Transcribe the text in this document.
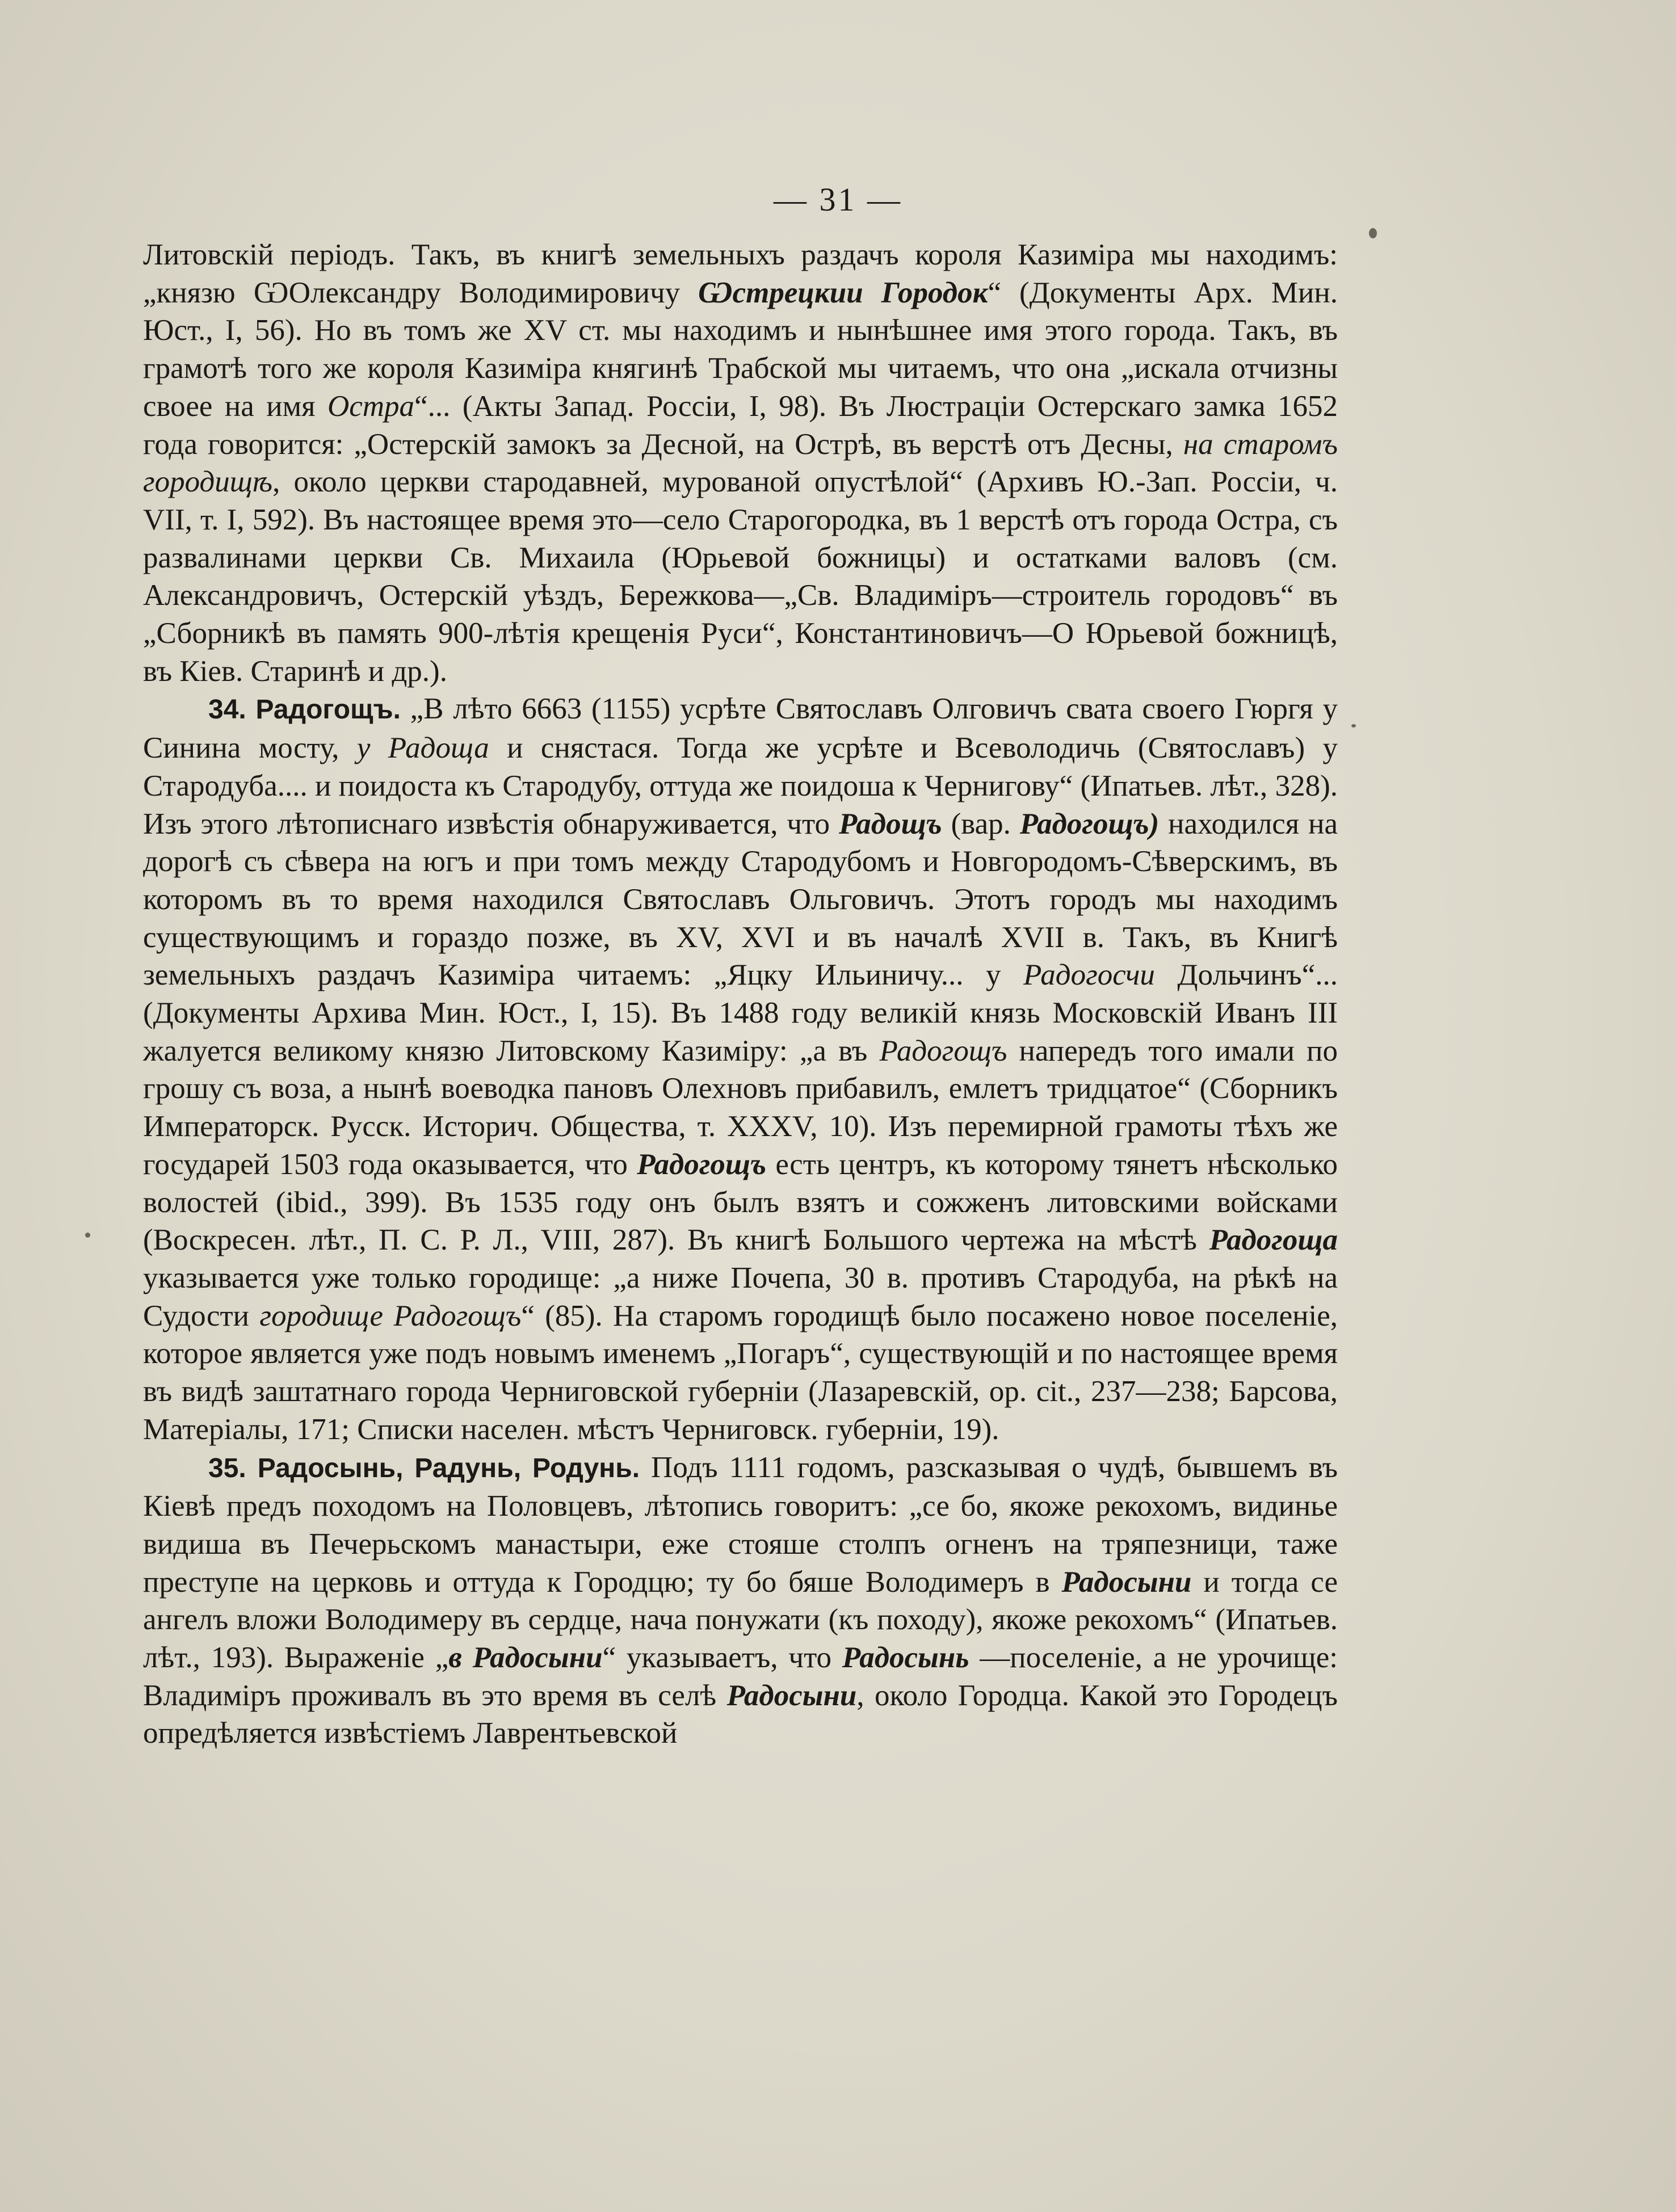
— 31 —

Литовскій періодъ. Такъ, въ книгѣ земельныхъ раздачъ короля Казиміра мы находимъ: „князю ѠОлександру Володимировичу Ѡстрецкии Городок“ (Документы Арх. Мин. Юст., I, 56). Но въ томъ же XV ст. мы находимъ и нынѣшнее имя этого города. Такъ, въ грамотѣ того же короля Казиміра княгинѣ Трабской мы читаемъ, что она „искала отчизны своее на имя Остра“... (Акты Запад. Россіи, I, 98). Въ Люстраціи Остерскаго замка 1652 года говорится: „Остерскій замокъ за Десной, на Острѣ, въ верстѣ отъ Десны, на старомъ городищѣ, около церкви стародавней, мурованой опустѣлой“ (Архивъ Ю.-Зап. Россіи, ч. VII, т. I, 592). Въ настоящее время это—село Старогородка, въ 1 верстѣ отъ города Остра, съ развалинами церкви Св. Михаила (Юрьевой божницы) и остатками валовъ (см. Александровичъ, Остерскій уѣздъ, Бережкова—„Св. Владиміръ—строитель городовъ“ въ „Сборникѣ въ память 900-лѣтія крещенія Руси“, Константиновичъ—О Юрьевой божницѣ, въ Кіев. Старинѣ и др.).

34. Радогощъ. „В лѣто 6663 (1155) усрѣте Святославъ Олговичъ свата своего Гюргя у Синина мосту, у Радоща и снястася. Тогда же усрѣте и Всеволодичь (Святославъ) у Стародуба.... и поидоста къ Стародубу, оттуда же поидоша к Чернигову“ (Ипатьев. лѣт., 328). Изъ этого лѣтописнаго извѣстія обнаруживается, что Радощъ (вар. Радогощъ) находился на дорогѣ съ сѣвера на югъ и при томъ между Стародубомъ и Новгородомъ-Сѣверскимъ, въ которомъ въ то время находился Святославъ Ольговичъ. Этотъ городъ мы находимъ существующимъ и гораздо позже, въ XV, XVI и въ началѣ XVII в. Такъ, въ Книгѣ земельныхъ раздачъ Казиміра читаемъ: „Яцку Ильиничу... у Радогосчи Дольчинъ“... (Документы Архива Мин. Юст., I, 15). Въ 1488 году великій князь Московскій Иванъ III жалуется великому князю Литовскому Казиміру: „а въ Радогощъ напередъ того имали по грошу съ воза, а нынѣ воеводка пановъ Олехновъ прибавилъ, емлетъ тридцатое“ (Сборникъ Императорск. Русск. Историч. Общества, т. XXXV, 10). Изъ перемирной грамоты тѣхъ же государей 1503 года оказывается, что Радогощъ есть центръ, къ которому тянетъ нѣсколько волостей (ibid., 399). Въ 1535 году онъ былъ взятъ и сожженъ литовскими войсками (Воскресен. лѣт., П. С. Р. Л., VIII, 287). Въ книгѣ Большого чертежа на мѣстѣ Радогоща указывается уже только городище: „а ниже Почепа, 30 в. противъ Стародуба, на рѣкѣ на Судости городище Радогощъ“ (85). На старомъ городищѣ было посажено новое поселеніе, которое является уже подъ новымъ именемъ „Погаръ“, существующій и по настоящее время въ видѣ заштатнаго города Черниговской губерніи (Лазаревскій, op. cit., 237—238; Барсова, Матеріалы, 171; Списки населен. мѣстъ Черниговск. губерніи, 19).

35. Радосынь, Радунь, Родунь. Подъ 1111 годомъ, разсказывая о чудѣ, бывшемъ въ Кіевѣ предъ походомъ на Половцевъ, лѣтопись говоритъ: „се бо, якоже рекохомъ, видинье видиша въ Печерьскомъ манастыри, еже стояше столпъ огненъ на тряпезници, таже преступе на церковь и оттуда к Городцю; ту бо бяше Володимеръ в Радосыни и тогда се ангелъ вложи Володимеру въ сердце, нача понужати (къ походу), якоже рекохомъ“ (Ипатьев. лѣт., 193). Выраженіе „в Радосыни“ указываетъ, что Радосынь —поселеніе, а не урочище: Владиміръ проживалъ въ это время въ селѣ Радосыни, около Городца. Какой это Городецъ опредѣляется извѣстіемъ Лаврентьевской
